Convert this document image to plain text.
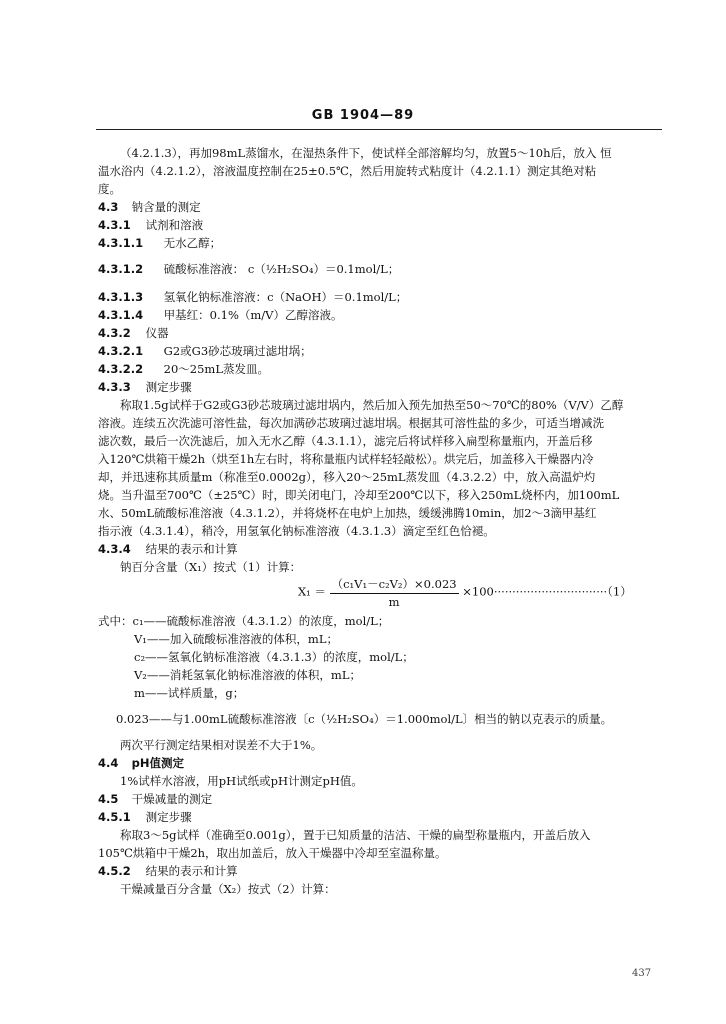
GB 1904—89
（4.2.1.3），再加98mL蒸馏水，在湿热条件下，使试样全部溶解均匀，放置5～10h后，放入 恒
温水浴内（4.2.1.2），溶液温度控制在25±0.5℃，然后用旋转式粘度计（4.2.1.1）测定其绝对粘
度。
4.3 钠含量的测定
4.3.1 试剂和溶液
4.3.1.1 无水乙醇；
4.3.1.2 硫酸标准溶液： c（½H₂SO₄）＝0.1mol/L；
4.3.1.3 氢氧化钠标准溶液：c（NaOH）＝0.1mol/L；
4.3.1.4 甲基红：0.1%（m/V）乙醇溶液。
4.3.2 仪器
4.3.2.1 G2或G3砂芯玻璃过滤坩埚；
4.3.2.2 20～25mL蒸发皿。
4.3.3 测定步骤
称取1.5g试样于G2或G3砂芯玻璃过滤坩埚内，然后加入预先加热至50～70℃的80%（V/V）乙醇
溶液。连续五次洗滤可溶性盐，每次加满砂芯玻璃过滤坩埚。根据其可溶性盐的多少，可适当增减洗
滤次数，最后一次洗滤后，加入无水乙醇（4.3.1.1），滤完后将试样移入扁型称量瓶内，开盖后移
入120℃烘箱干燥2h（烘至1h左右时，将称量瓶内试样轻轻敲松）。烘完后，加盖移入干燥器内冷
却，并迅速称其质量m（称准至0.0002g），移入20～25mL蒸发皿（4.3.2.2）中，放入高温炉灼
烧。当升温至700℃（±25℃）时，即关闭电门，冷却至200℃以下，移入250mL烧杯内，加100mL
水、50mL硫酸标准溶液（4.3.1.2），并将烧杯在电炉上加热，缓缓沸腾10min，加2～3滴甲基红
指示液（4.3.1.4），稍冷，用氢氧化钠标准溶液（4.3.1.3）滴定至红色恰褪。
4.3.4 结果的表示和计算
钠百分含量（X₁）按式（1）计算：
$X_1 = \frac{\text{（c₁V₁－c₂V₂）×0.023}}{m} \times 100\cdot\cdot\cdot\cdot\cdot\cdot\cdot\cdot\cdot\cdot\cdot\cdot\cdot\cdot\cdot\cdot\cdot\cdot\cdot\cdot\cdot\cdot\cdot\cdot\cdot\cdot\cdot\cdot\cdot\cdot\cdot(1)$
式中：c₁——硫酸标准溶液（4.3.1.2）的浓度，mol/L；
V₁——加入硫酸标准溶液的体积，mL；
c₂——氢氧化钠标准溶液（4.3.1.3）的浓度，mol/L；
V₂——消耗氢氧化钠标准溶液的体积，mL；
m——试样质量，g；
0.023——与1.00mL硫酸标准溶液〔c（½H₂SO₄）＝1.000mol/L〕相当的钠以克表示的质量。
两次平行测定结果相对误差不大于1%。
4.4 pH值测定
1%试样水溶液，用pH试纸或pH计测定pH值。
4.5 干燥减量的测定
4.5.1 测定步骤
称取3～5g试样（准确至0.001g），置于已知质量的洁洁、干燥的扁型称量瓶内，开盖后放入
105℃烘箱中干燥2h，取出加盖后，放入干燥器中冷却至室温称量。
4.5.2 结果的表示和计算
干燥减量百分含量（X₂）按式（2）计算：
437
